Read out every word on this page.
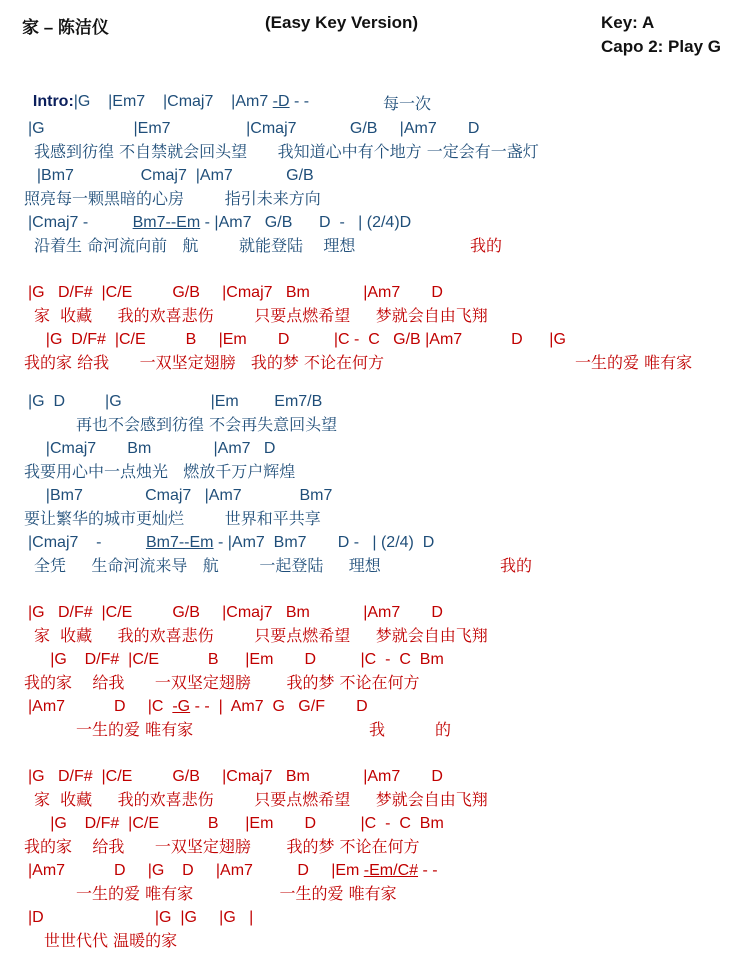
家 – 陈洁仪	(Easy Key Version)	Key: A
Capo 2: Play G

Intro:|G    |Em7    |Cmaj7    |Am7 -D - -	每一次
|G                    |Em7                 |Cmaj7            G/B     |Am7       D
我感到彷徨 不自禁就会回头望      我知道心中有个地方 一定会有一盏灯
|Bm7               Cmaj7  |Am7            G/B
照亮每一颗黑暗的心房        指引未来方向
|Cmaj7 -          Bm7--Em - |Am7   G/B      D  -   | (2/4)D
沿着生 命河流向前   航        就能登陆    理想	我的
|G   D/F#  |C/E         G/B     |Cmaj7   Bm            |Am7       D
家  收藏     我的欢喜悲伤        只要点燃希望     梦就会自由飞翔
|G  D/F#  |C/E         B     |Em       D          |C -  C   G/B |Am7           D      |G
我的家 给我      一双坚定翅膀   我的梦 不论在何方	一生的爱 唯有家
|G  D         |G                    |Em        Em7/B
再也不会感到彷徨 不会再失意回头望
|Cmaj7       Bm              |Am7   D
我要用心中一点烛光   燃放千万户辉煌
|Bm7              Cmaj7   |Am7             Bm7
要让繁华的城市更灿烂        世界和平共享
|Cmaj7    -          Bm7--Em - |Am7  Bm7       D -   | (2/4)  D
全凭     生命河流来导   航        一起登陆     理想	我的
|G   D/F#  |C/E         G/B     |Cmaj7   Bm            |Am7       D
家  收藏     我的欢喜悲伤        只要点燃希望     梦就会自由飞翔
|G    D/F#  |C/E           B      |Em       D          |C  -  C  Bm
我的家    给我      一双坚定翅膀       我的梦 不论在何方
|Am7           D     |C  -G - -  |  Am7  G   G/F       D
一生的爱 唯有家	我	的
|G   D/F#  |C/E         G/B     |Cmaj7   Bm            |Am7       D
家  收藏     我的欢喜悲伤        只要点燃希望     梦就会自由飞翔
|G    D/F#  |C/E           B      |Em       D          |C  -  C  Bm
我的家    给我      一双坚定翅膀       我的梦 不论在何方
|Am7           D     |G    D     |Am7          D     |Em -Em/C# - -
一生的爱 唯有家                 一生的爱 唯有家
|D                         |G  |G     |G   |
世世代代 温暖的家
